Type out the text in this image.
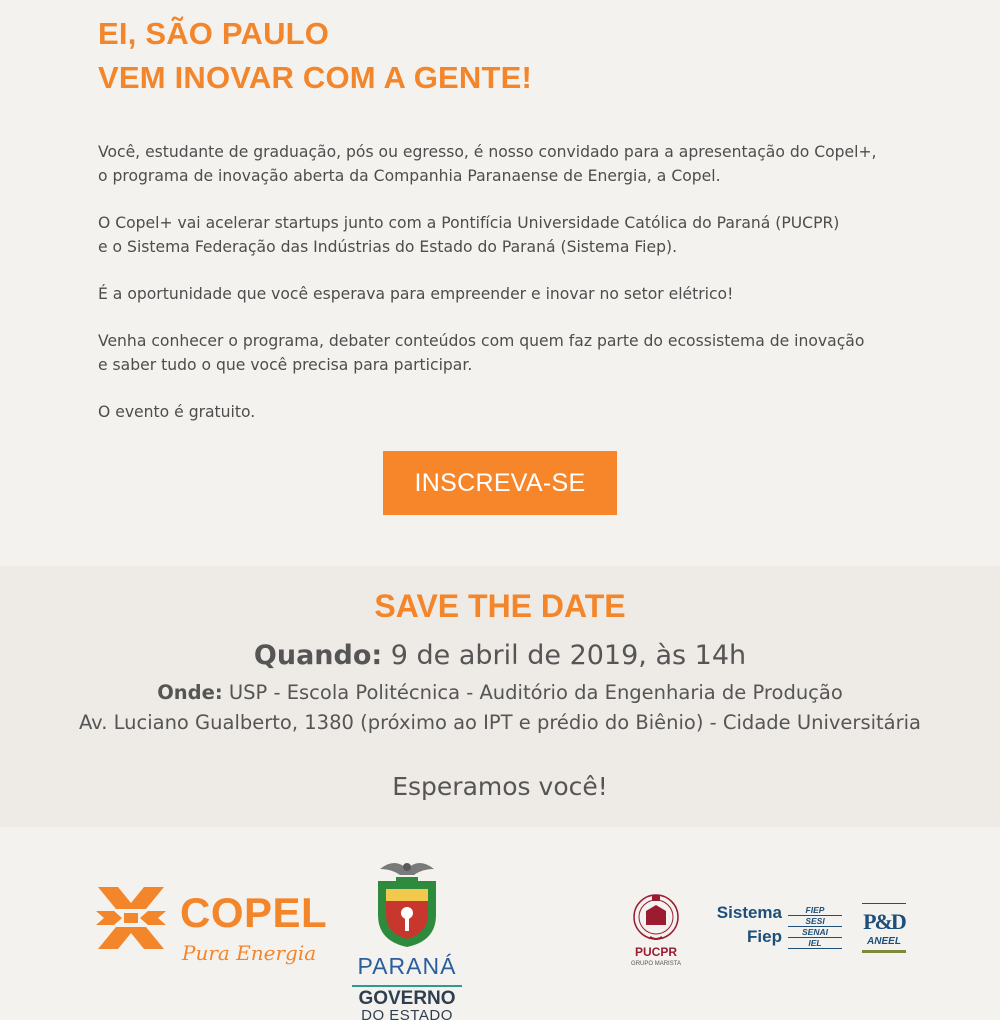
EI, SÃO PAULO
VEM INOVAR COM A GENTE!

Você, estudante de graduação, pós ou egresso, é nosso convidado para a apresentação do Copel+,
o programa de inovação aberta da Companhia Paranaense de Energia, a Copel.

O Copel+ vai acelerar startups junto com a Pontifícia Universidade Católica do Paraná (PUCPR)
e o Sistema Federação das Indústrias do Estado do Paraná (Sistema Fiep).

É a oportunidade que você esperava para empreender e inovar no setor elétrico!

Venha conhecer o programa, debater conteúdos com quem faz parte do ecossistema de inovação
e saber tudo o que você precisa para participar.

O evento é gratuito.

INSCREVA-SE
SAVE THE DATE
Quando: 9 de abril de 2019, às 14h
Onde: USP - Escola Politécnica - Auditório da Engenharia de Produção
Av. Luciano Gualberto, 1380 (próximo ao IPT e prédio do Biênio) - Cidade Universitária
Esperamos você!
COPEL
Pura Energia PARANÁ
GOVERNO
DO ESTADO
PUCPR
GRUPO MARISTA
Sistema
Fiep
FIEP
SESI
SENAI
IEL
P&D
ANEEL
